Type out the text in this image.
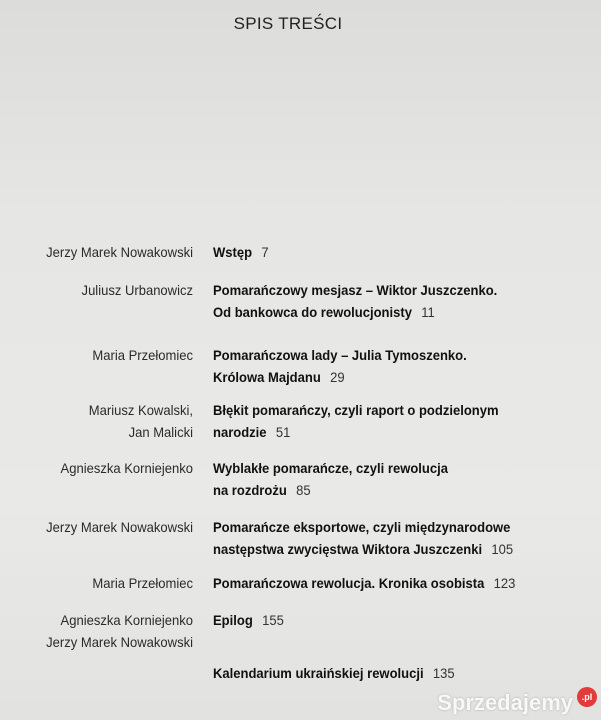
SPIS TREŚCI
Jerzy Marek Nowakowski Wstęp 7
Juliusz Urbanowicz Pomarańczowy mesjasz – Wiktor Juszczenko.
Od bankowca do rewolucjonisty 11
Maria Przełomiec Pomarańczowa lady – Julia Tymoszenko.
Królowa Majdanu 29
Mariusz Kowalski,
Jan Malicki
Błękit pomarańczy, czyli raport o podzielonym
narodzie 51
Agnieszka Korniejenko Wyblakłe pomarańcze, czyli rewolucja
na rozdrożu 85
Jerzy Marek Nowakowski Pomarańcze eksportowe, czyli międzynarodowe
następstwa zwycięstwa Wiktora Juszczenki 105
Maria Przełomiec Pomarańczowa rewolucja. Kronika osobista 123
Agnieszka Korniejenko
Jerzy Marek Nowakowski
Epilog 155
Kalendarium ukraińskiej rewolucji 135
Sprzedajemy .pl
